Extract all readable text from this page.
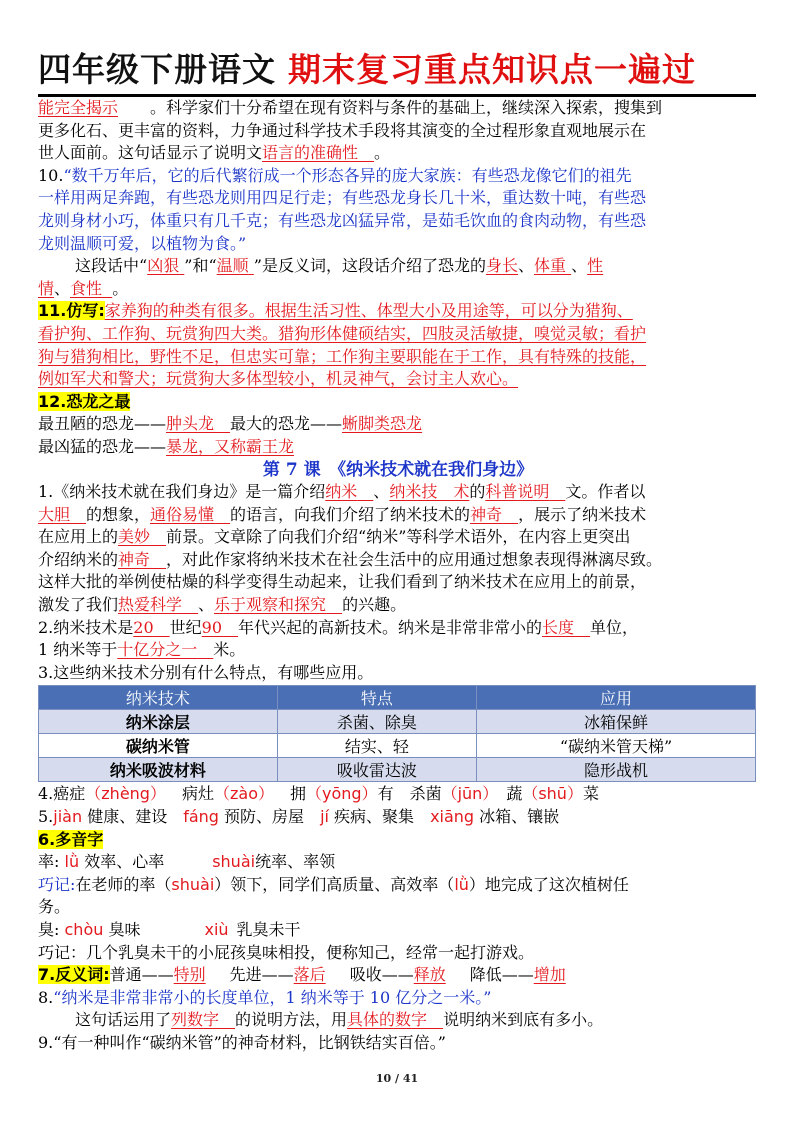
四年级下册语文 期末复习重点知识点一遍过
能完全揭示   。科学家们十分希望在现有资料与条件的基础上，继续深入探索，搜集到
更多化石、更丰富的资料，力争通过科学技术手段将其演变的全过程形象直观地展示在
世人面前。这句话显示了说明文语言的准确性  。
10.“数千万年后，它的后代繁衍成一个形态各异的庞大家族：有些恐龙像它们的祖先
一样用两足奔跑，有些恐龙则用四足行走；有些恐龙身长几十米，重达数十吨，有些恐
龙则身材小巧，体重只有几千克；有些恐龙凶猛异常，是茹毛饮血的食肉动物，有些恐
龙则温顺可爱，以植物为食。”
这段话中“凶狠 ”和“温顺 ”是反义词，这段话介绍了恐龙的身长、体重 、性
情、食性 。
11.仿写:家养狗的种类有很多。根据生活习性、体型大小及用途等，可以分为猎狗、
看护狗、工作狗、玩赏狗四大类。猎狗形体健硕结实，四肢灵活敏捷，嗅觉灵敏；看护
狗与猎狗相比，野性不足，但忠实可靠；工作狗主要职能在于工作，具有特殊的技能，
例如军犬和警犬；玩赏狗大多体型较小，机灵神气，会讨主人欢心。
12.恐龙之最
最丑陋的恐龙——肿头龙  最大的恐龙——蜥脚类恐龙
最凶猛的恐龙——暴龙，又称霸王龙
第 7 课　《纳米技术就在我们身边》
1.《纳米技术就在我们身边》是一篇介绍纳米  、纳米技　术的科普说明  文。作者以
大胆  的想象，通俗易懂  的语言，向我们介绍了纳米技术的神奇  ，展示了纳米技术
在应用上的美妙  前景。文章除了向我们介绍“纳米”等科学术语外，在内容上更突出
介绍纳米的神奇  ，对此作家将纳米技术在社会生活中的应用通过想象表现得淋漓尽致。
这样大批的举例使枯燥的科学变得生动起来，让我们看到了纳米技术在应用上的前景，
激发了我们热爱科学  、乐于观察和探究  的兴趣。
2.纳米技术是20  世纪90  年代兴起的高新技术。纳米是非常非常小的长度  单位，
1 纳米等于十亿分之一  米。
3.这些纳米技术分别有什么特点，有哪些应用。
纳米技术	特点	应用
纳米涂层	杀菌、除臭	冰箱保鲜
碳纳米管	结实、轻	“碳纳米管天梯”
纳米吸波材料	吸收雷达波	隐形战机
4.癌症（zhèng）  病灶（zào）  拥（yōng）有　杀菌（jūn）  蔬（shū）菜
5.jiàn 健康、建设  fáng 预防、房屋  jí 疾病、聚集  xiāng 冰箱、镶嵌
6.多音字
率: lǜ 效率、心率   	shuài统率、率领
巧记:在老师的率（shuài）领下，同学们高质量、高效率（lǜ）地完成了这次植树任
务。
臭: chòu 臭味    	xiù  乳臭未干
巧记：几个乳臭未干的小屁孩臭味相投，便称知己，经常一起打游戏。
7.反义词:普通——特别   先进——落后   吸收——释放   降低——增加
8.“纳米是非常非常小的长度单位，1 纳米等于 10 亿分之一米。”
这句话运用了列数字  的说明方法，用具体的数字  说明纳米到底有多小。
9.“有一种叫作“碳纳米管”的神奇材料，比钢铁结实百倍。”
10 / 41
